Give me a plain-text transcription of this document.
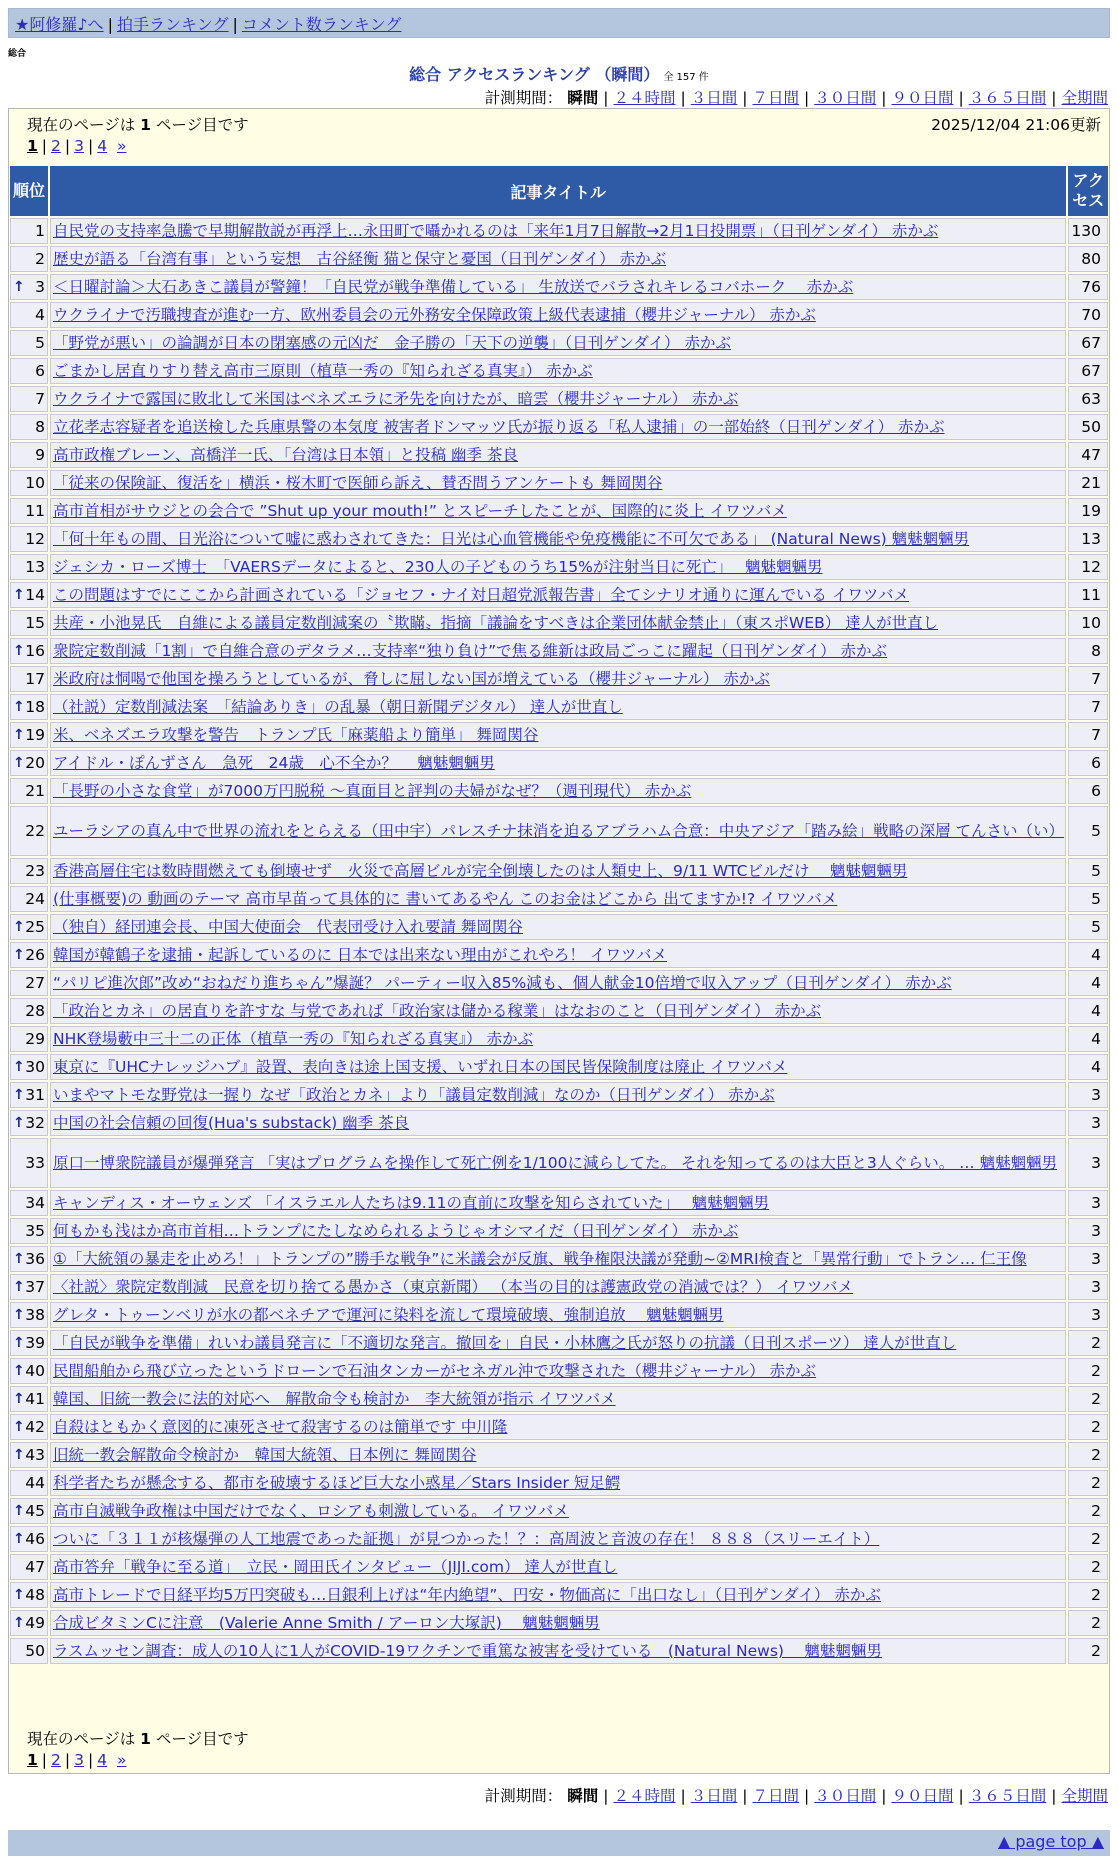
★阿修羅♪へ | 拍手ランキング | コメント数ランキング
総合
総合 アクセスランキング （瞬間） 全 157 件
計測期間： 瞬間 | ２４時間 | ３日間 | ７日間 | ３０日間 | ９０日間 | ３６５日間 | 全期間
現在のページは 1 ページ目です	2025/12/04 21:06更新
1 | 2 | 3 | 4 »
現在のページは 1 ページ目です
1 | 2 | 3 | 4 »
順位	記事タイトル	アクセス
1	自民党の支持率急騰で早期解散説が再浮上…永田町で囁かれるのは「来年1月7日解散→2月1日投開票」（日刊ゲンダイ） 赤かぶ	130
2	歴史が語る「台湾有事」という妄想　古谷経衡 猫と保守と憂国（日刊ゲンダイ） 赤かぶ	80

↑ 3	＜日曜討論＞大石あきこ議員が警鐘！「自民党が戦争準備している」 生放送でバラされキレるコバホーク　 赤かぶ	76
4	ウクライナで汚職捜査が進む一方、欧州委員会の元外務安全保障政策上級代表逮捕（櫻井ジャーナル） 赤かぶ	70
5	「野党が悪い」の論調が日本の閉塞感の元凶だ　金子勝の「天下の逆襲」（日刊ゲンダイ） 赤かぶ	67
6	ごまかし居直りすり替え高市三原則（植草一秀の『知られざる真実』） 赤かぶ	67
7	ウクライナで露国に敗北して米国はベネズエラに矛先を向けたが、暗雲（櫻井ジャーナル） 赤かぶ	63
8	立花孝志容疑者を追送検した兵庫県警の本気度 被害者ドンマッツ氏が振り返る「私人逮捕」の一部始終（日刊ゲンダイ） 赤かぶ	50
9	高市政権ブレーン、高橋洋一氏、「台湾は日本領」と投稿 幽季 茶良	47
10	「従来の保険証、復活を」横浜・桜木町で医師ら訴え、賛否問うアンケートも 舞岡関谷	21
11	高市首相がサウジとの会合で ”Shut up your mouth!” とスピーチしたことが、国際的に炎上 イワツバメ	19
12	「何十年もの間、日光浴について嘘に惑わされてきた：日光は心血管機能や免疫機能に不可欠である」 (Natural News) 魑魅魍魎男	13
13	ジェシカ・ローズ博士　「VAERSデータによると、230人の子どものうち15%が注射当日に死亡」　 魑魅魍魎男	12

↑ 14	この問題はすでにここから計画されている「ジョセフ・ナイ対日超党派報告書」全てシナリオ通りに運んでいる イワツバメ	11
15	共産・小池晃氏　自維による議員定数削減案の〝欺瞞〟指摘「議論をすべきは企業団体献金禁止」（東スポWEB） 達人が世直し	10

↑ 16	衆院定数削減「1割」で自維合意のデタラメ…支持率“独り負け”で焦る維新は政局ごっこに躍起（日刊ゲンダイ） 赤かぶ	8
17	米政府は恫喝で他国を操ろうとしているが、脅しに屈しない国が増えている（櫻井ジャーナル） 赤かぶ	7

↑ 18	（社説）定数削減法案　「結論ありき」の乱暴（朝日新聞デジタル） 達人が世直し	7

↑ 19	米、ベネズエラ攻撃を警告　トランプ氏「麻薬船より簡単」 舞岡関谷	7

↑ 20	アイドル・ぽんずさん　急死　24歳　心不全か？　 魑魅魍魎男	6
21	「長野の小さな食堂」が7000万円脱税 〜真面目と評判の夫婦がなぜ？（週刊現代） 赤かぶ	6
22	ユーラシアの真ん中で世界の流れをとらえる（田中宇）パレスチナ抹消を迫るアブラハム合意：中央アジア「踏み絵」戦略の深層 てんさい（い）	5
23	香港高層住宅は数時間燃えても倒壊せず　火災で高層ビルが完全倒壊したのは人類史上、9/11 WTCビルだけ　 魑魅魍魎男	5
24	(仕事概要)の 動画のテーマ 高市早苗って具体的に 書いてあるやん このお金はどこから 出てますか!? イワツバメ	5

↑ 25	（独自）経団連会長、中国大使面会　代表団受け入れ要請 舞岡関谷	5

↑ 26	韓国が韓鶴子を逮捕・起訴しているのに 日本では出来ない理由がこれやろ！ イワツバメ	4
27	“パリピ進次郎”改め“おねだり進ちゃん”爆誕？ パーティー収入85%減も、個人献金10倍増で収入アップ（日刊ゲンダイ） 赤かぶ	4
28	「政治とカネ」の居直りを許すな 与党であれば「政治家は儲かる稼業」はなおのこと（日刊ゲンダイ） 赤かぶ	4
29	NHK登場藪中三十二の正体（植草一秀の『知られざる真実』） 赤かぶ	4

↑ 30	東京に『UHCナレッジハブ』設置、表向きは途上国支援、いずれ日本の国民皆保険制度は廃止 イワツバメ	4

↑ 31	いまやマトモな野党は一握り なぜ「政治とカネ」より「議員定数削減」なのか（日刊ゲンダイ） 赤かぶ	3

↑ 32	中国の社会信頼の回復(Hua's substack) 幽季 茶良	3
33	原口一博衆院議員が爆弾発言 「実はプログラムを操作して死亡例を1/100に減らしてた。 それを知ってるのは大臣と3人ぐらい。 … 魑魅魍魎男	3
34	キャンディス・オーウェンズ 「イスラエル人たちは9.11の直前に攻撃を知らされていた」　 魑魅魍魎男	3
35	何もかも浅はか高市首相…トランプにたしなめられるようじゃオシマイだ（日刊ゲンダイ） 赤かぶ	3

↑ 36	①「大統領の暴走を止めろ！」トランプの”勝手な戦争”に米議会が反旗、戦争権限決議が発動~②MRI検査と「異常行動」でトラン… 仁王像	3

↑ 37	〈社説〉衆院定数削減　民意を切り捨てる愚かさ（東京新聞） （本当の目的は護憲政党の消滅では？） イワツバメ	3

↑ 38	グレタ・トゥーンベリが水の都ベネチアで運河に染料を流して環境破壊、強制追放　 魑魅魍魎男	3

↑ 39	「自民が戦争を準備」れいわ議員発言に「不適切な発言。撤回を」自民・小林鷹之氏が怒りの抗議（日刊スポーツ） 達人が世直し	2

↑ 40	民間船舶から飛び立ったというドローンで石油タンカーがセネガル沖で攻撃された（櫻井ジャーナル） 赤かぶ	2

↑ 41	韓国、旧統一教会に法的対応へ　解散命令も検討か　李大統領が指示 イワツバメ	2

↑ 42	自殺はともかく意図的に凍死させて殺害するのは簡単です 中川隆	2

↑ 43	旧統一教会解散命令検討か　韓国大統領、日本例に 舞岡関谷	2
44	科学者たちが懸念する、都市を破壊するほど巨大な小惑星／Stars Insider 短足鰐	2

↑ 45	高市自滅戦争政権は中国だけでなく、ロシアも刺激している。 イワツバメ	2

↑ 46	ついに「３１１が核爆弾の人工地震であった証拠」が見つかった！？：高周波と音波の存在！ ８８８（スリーエイト）	2
47	高市答弁「戦争に至る道」　立民・岡田氏インタビュー（JIJI.com） 達人が世直し	2

↑ 48	高市トレードで日経平均5万円突破も…日銀利上げは“年内絶望”、円安・物価高に「出口なし」（日刊ゲンダイ） 赤かぶ	2

↑ 49	合成ビタミンCに注意　(Valerie Anne Smith / アーロン大塚訳)　 魑魅魍魎男	2
50	ラスムッセン調査：成人の10人に1人がCOVID-19ワクチンで重篤な被害を受けている　(Natural News)　 魑魅魍魎男	2
計測期間： 瞬間 | ２４時間 | ３日間 | ７日間 | ３０日間 | ９０日間 | ３６５日間 | 全期間
▲ page top ▲
